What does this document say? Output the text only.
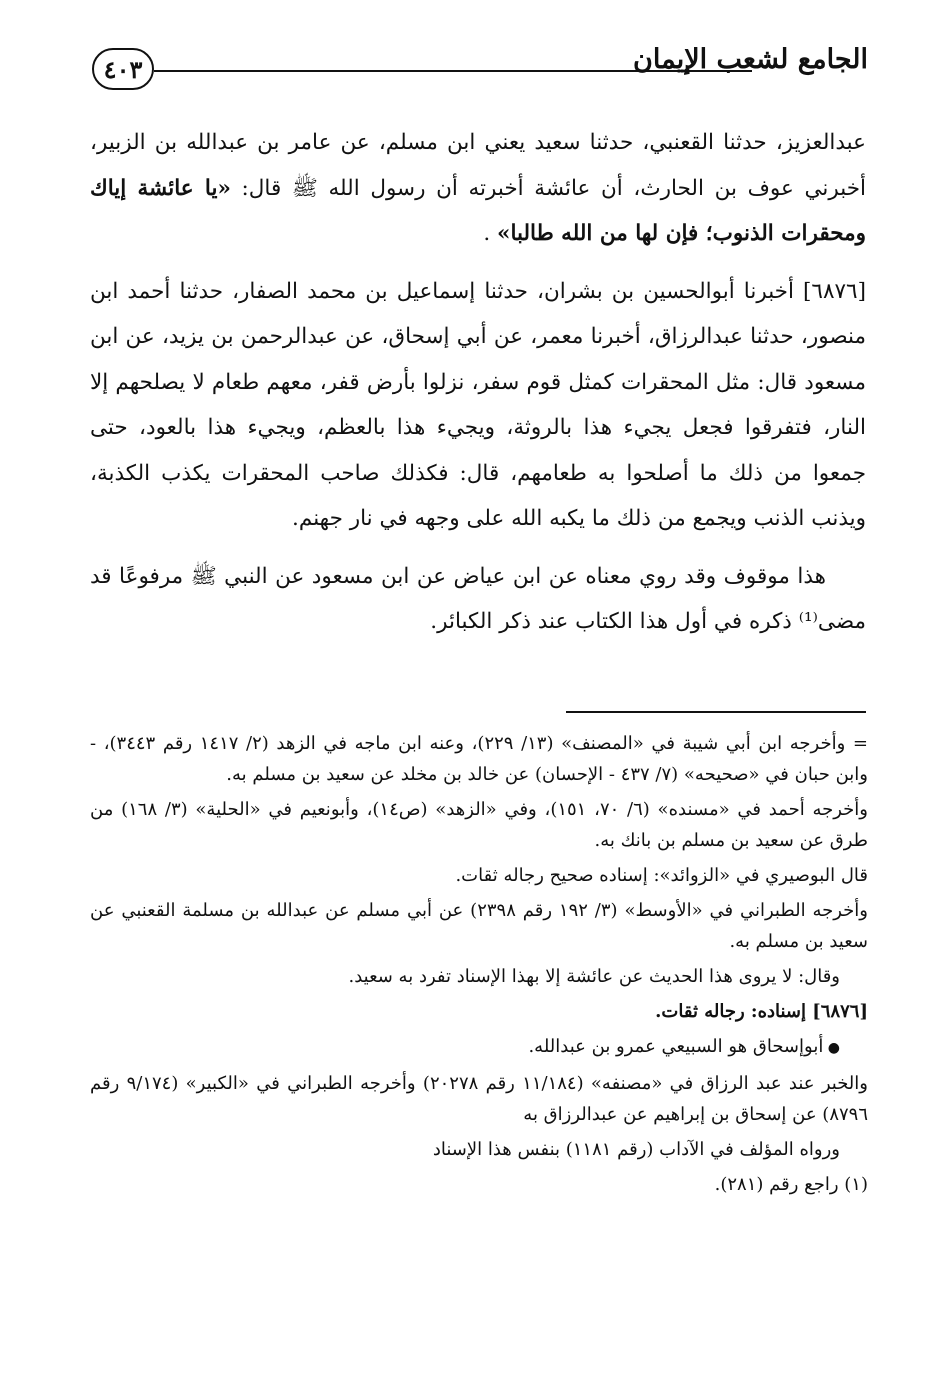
٤٠٣	الجامع لشعب الإيمان

عبدالعزيز، حدثنا القعنبي، حدثنا سعيد يعني ابن مسلم، عن عامر بن عبدالله بن الزبير، أخبرني عوف بن الحارث، أن عائشة أخبرته أن رسول الله ﷺ قال: «يا عائشة إياك ومحقرات الذنوب؛ فإن لها من الله طالبا» .

[٦٨٧٦] أخبرنا أبوالحسين بن بشران، حدثنا إسماعيل بن محمد الصفار، حدثنا أحمد ابن منصور، حدثنا عبدالرزاق، أخبرنا معمر، عن أبي إسحاق، عن عبدالرحمن بن يزيد، عن ابن مسعود قال: مثل المحقرات كمثل قوم سفر، نزلوا بأرض قفر، معهم طعام لا يصلحهم إلا النار، فتفرقوا فجعل يجيء هذا بالروثة، ويجيء هذا بالعظم، ويجيء هذا بالعود، حتى جمعوا من ذلك ما أصلحوا به طعامهم، قال: فكذلك صاحب المحقرات يكذب الكذبة، ويذنب الذنب ويجمع من ذلك ما يكبه الله على وجهه في نار جهنم.

هذا موقوف وقد روي معناه عن ابن عياض عن ابن مسعود عن النبي ﷺ مرفوعًا قد مضى⁽¹⁾ ذكره في أول هذا الكتاب عند ذكر الكبائر.

= وأخرجه ابن أبي شيبة في «المصنف» (١٣/ ٢٢٩)، وعنه ابن ماجه في الزهد (٢/ ١٤١٧ رقم ٣٤٤٣)، - وابن حبان في «صحيحه» (٧/ ٤٣٧ - الإحسان) عن خالد بن مخلد عن سعيد بن مسلم به.

وأخرجه أحمد في «مسنده» (٦/ ٧٠، ١٥١)، وفي «الزهد» (ص١٤)، وأبونعيم في «الحلية» (٣/ ١٦٨) من طرق عن سعيد بن مسلم بن بانك به.

قال البوصيري في «الزوائد»: إسناده صحيح رجاله ثقات.

وأخرجه الطبراني في «الأوسط» (٣/ ١٩٢ رقم ٢٣٩٨) عن أبي مسلم عن عبدالله بن مسلمة القعنبي عن سعيد بن مسلم به.

وقال: لا يروى هذا الحديث عن عائشة إلا بهذا الإسناد تفرد به سعيد.

[٦٨٧٦] إسناده: رجاله ثقات.

● أبوإسحاق هو السبيعي عمرو بن عبدالله.

والخبر عند عبد الرزاق في «مصنفه» (١١/١٨٤ رقم ٢٠٢٧٨) وأخرجه الطبراني في «الكبير» (٩/١٧٤ رقم ٨٧٩٦) عن إسحاق بن إبراهيم عن عبدالرزاق به

ورواه المؤلف في الآداب (رقم ١١٨١) بنفس هذا الإسناد

(١) راجع رقم (٢٨١).
